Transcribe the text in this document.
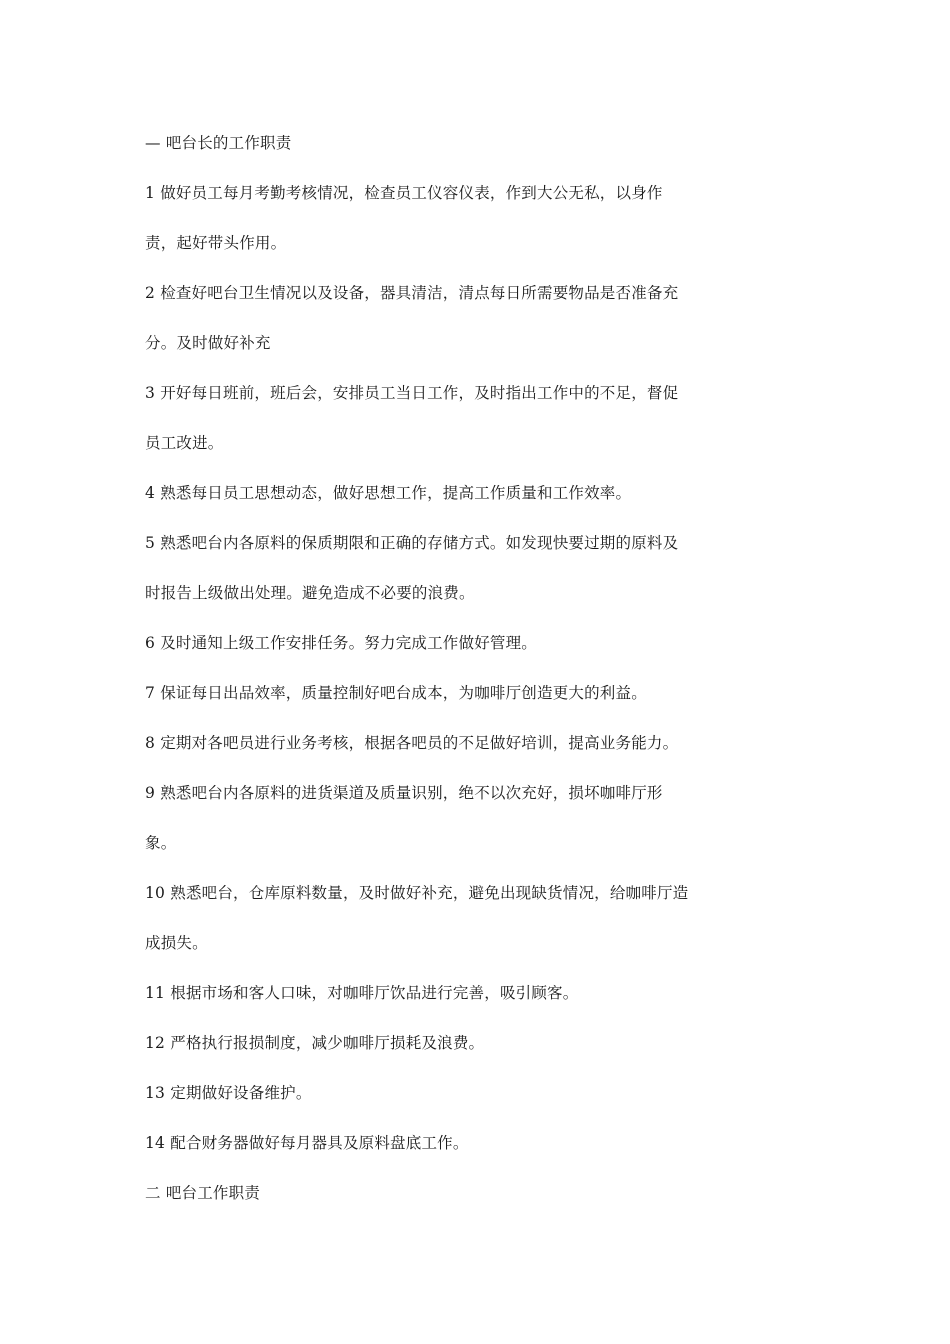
— 吧台长的工作职责
1 做好员工每月考勤考核情况，检查员工仪容仪表，作到大公无私，以身作
责，起好带头作用。
2 检查好吧台卫生情况以及设备，器具清洁，清点每日所需要物品是否准备充
分。及时做好补充
3 开好每日班前，班后会，安排员工当日工作，及时指出工作中的不足，督促
员工改进。
4 熟悉每日员工思想动态，做好思想工作，提高工作质量和工作效率。
5 熟悉吧台内各原料的保质期限和正确的存储方式。如发现快要过期的原料及
时报告上级做出处理。避免造成不必要的浪费。
6 及时通知上级工作安排任务。努力完成工作做好管理。
7 保证每日出品效率，质量控制好吧台成本，为咖啡厅创造更大的利益。
8 定期对各吧员进行业务考核，根据各吧员的不足做好培训，提高业务能力。
9 熟悉吧台内各原料的进货渠道及质量识别，绝不以次充好，损坏咖啡厅形
象。
10 熟悉吧台，仓库原料数量，及时做好补充，避免出现缺货情况，给咖啡厅造
成损失。
11 根据市场和客人口味，对咖啡厅饮品进行完善，吸引顾客。
12 严格执行报损制度，减少咖啡厅损耗及浪费。
13 定期做好设备维护。
14 配合财务器做好每月器具及原料盘底工作。
二 吧台工作职责
